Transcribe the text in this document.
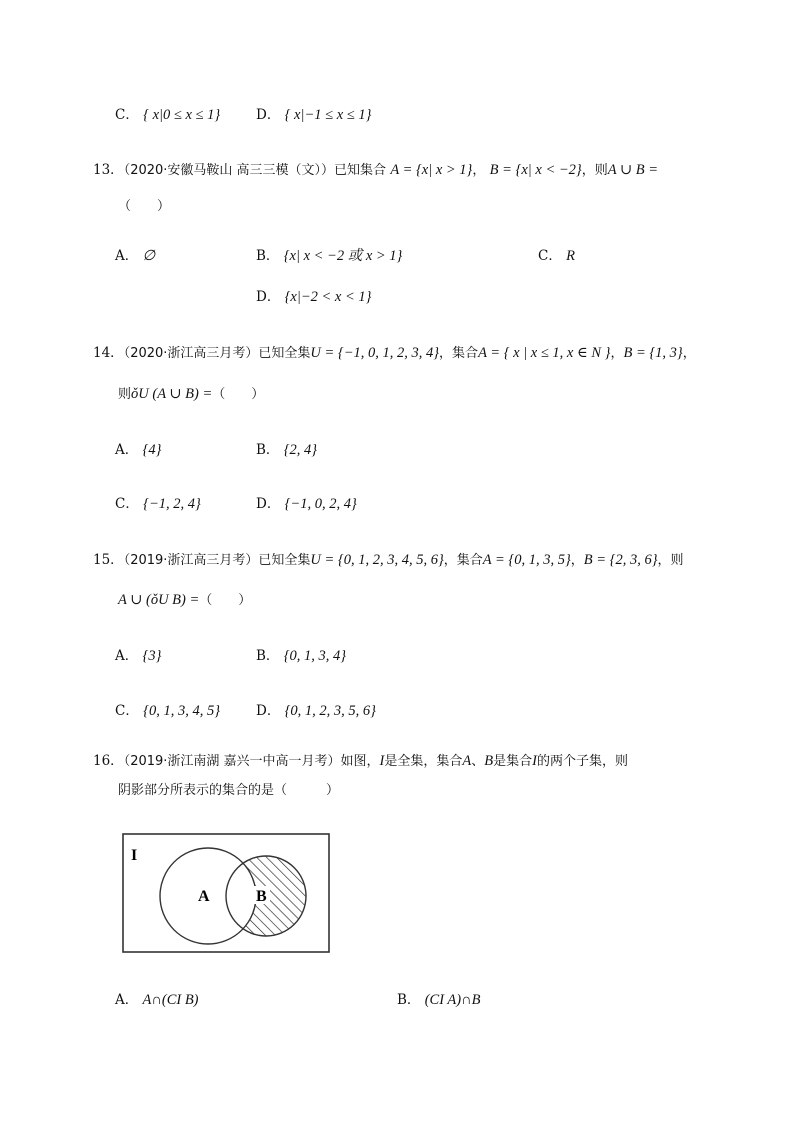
C． { x|0 ≤ x ≤ 1}	D． { x|−1 ≤ x ≤ 1}
13．（2020·安徽马鞍山 高三三模（文））已知集合 A = {x| x > 1}， B = {x| x < −2}，则A ∪ B =
（　　）
A． ∅	B． {x| x < −2 或 x > 1}	C． R
D． {x|−2 < x < 1}
14．（2020·浙江高三月考）已知全集U = {−1, 0, 1, 2, 3, 4}，集合A = { x | x ≤ 1, x ∈ N }，B = {1, 3}，
则ǒU (A ∪ B) =（　　）
A． {4}	B． {2, 4}
C． {−1, 2, 4}	D． {−1, 0, 2, 4}
15．（2019·浙江高三月考）已知全集U = {0, 1, 2, 3, 4, 5, 6}，集合A = {0, 1, 3, 5}，B = {2, 3, 6}，则
A ∪ (ǒU B) =（　　）
A． {3}	B． {0, 1, 3, 4}
C． {0, 1, 3, 4, 5}	D． {0, 1, 2, 3, 5, 6}
16．（2019·浙江南湖 嘉兴一中高一月考）如图，I是全集，集合A、B是集合I的两个子集，则
阴影部分所表示的集合的是（　　　）
I
A	B
A． A∩(CI B)	B． (CI A)∩B
